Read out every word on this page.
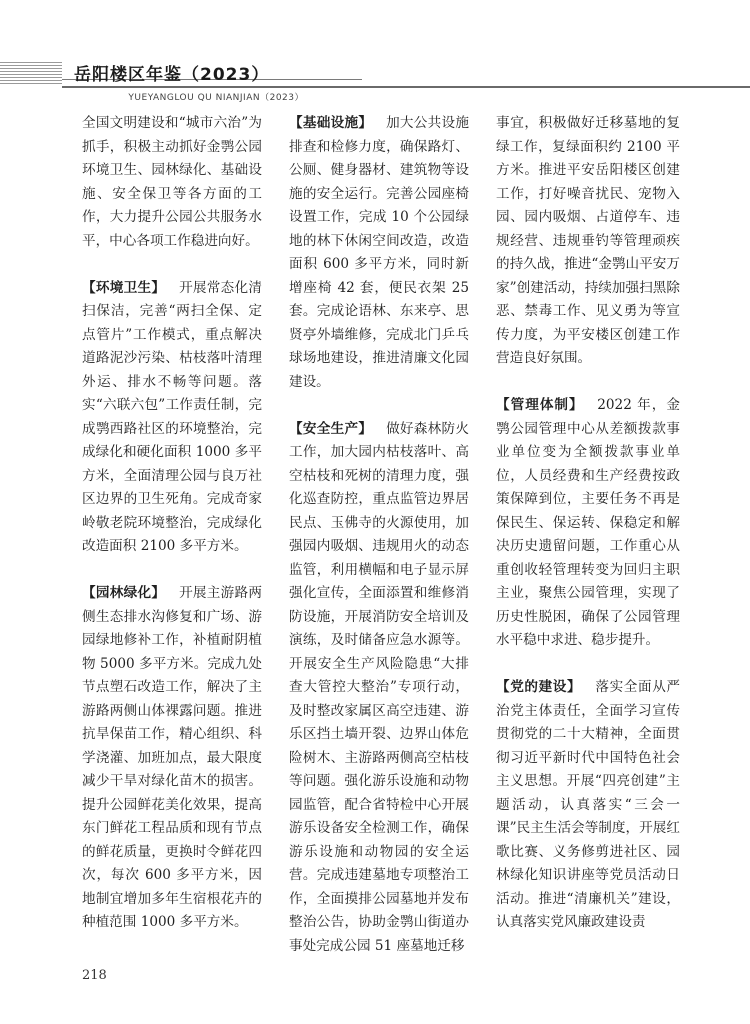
岳阳楼区年鉴（2023）
YUEYANGLOU QU NIANJIAN（2023）

全国文明建设和“城市六治”为抓手，积极主动抓好金鹗公园环境卫生、园林绿化、基础设施、安全保卫等各方面的工作，大力提升公园公共服务水平，中心各项工作稳进向好。

【环境卫生】  开展常态化清扫保洁，完善“两扫全保、定点管片”工作模式，重点解决道路泥沙污染、枯枝落叶清理外运、排水不畅等问题。落实“六联六包”工作责任制，完成鹗西路社区的环境整治，完成绿化和硬化面积 1000 多平方米，全面清理公园与良万社区边界的卫生死角。完成奇家岭敬老院环境整治，完成绿化改造面积 2100 多平方米。

【园林绿化】  开展主游路两侧生态排水沟修复和广场、游园绿地修补工作，补植耐阴植物 5000 多平方米。完成九处节点塑石改造工作，解决了主游路两侧山体裸露问题。推进抗旱保苗工作，精心组织、科学浇灌、加班加点，最大限度减少干旱对绿化苗木的损害。提升公园鲜花美化效果，提高东门鲜花工程品质和现有节点的鲜花质量，更换时令鲜花四次，每次 600 多平方米，因地制宜增加多年生宿根花卉的种植范围 1000 多平方米。

【基础设施】  加大公共设施排查和检修力度，确保路灯、公厕、健身器材、建筑物等设施的安全运行。完善公园座椅设置工作，完成 10 个公园绿地的林下休闲空间改造，改造面积 600 多平方米，同时新增座椅 42 套，便民衣架 25 套。完成论语林、东来亭、思贤亭外墙维修，完成北门乒乓球场地建设，推进清廉文化园建设。

【安全生产】  做好森林防火工作，加大园内枯枝落叶、高空枯枝和死树的清理力度，强化巡查防控，重点监管边界居民点、玉佛寺的火源使用，加强园内吸烟、违规用火的动态监管，利用横幅和电子显示屏强化宣传，全面添置和维修消防设施，开展消防安全培训及演练，及时储备应急水源等。开展安全生产风险隐患“大排查大管控大整治”专项行动，及时整改家属区高空违建、游乐区挡土墙开裂、边界山体危险树木、主游路两侧高空枯枝等问题。强化游乐设施和动物园监管，配合省特检中心开展游乐设备安全检测工作，确保游乐设施和动物园的安全运营。完成违建墓地专项整治工作，全面摸排公园墓地并发布整治公告，协助金鹗山街道办事处完成公园 51 座墓地迁移

事宜，积极做好迁移墓地的复绿工作，复绿面积约 2100 平方米。推进平安岳阳楼区创建工作，打好噪音扰民、宠物入园、园内吸烟、占道停车、违规经营、违规垂钓等管理顽疾的持久战，推进“金鹗山平安万家”创建活动，持续加强扫黑除恶、禁毒工作、见义勇为等宣传力度，为平安楼区创建工作营造良好氛围。

【管理体制】  2022 年，金鹗公园管理中心从差额拨款事业单位变为全额拨款事业单位，人员经费和生产经费按政策保障到位，主要任务不再是保民生、保运转、保稳定和解决历史遗留问题，工作重心从重创收轻管理转变为回归主职主业，聚焦公园管理，实现了历史性脱困，确保了公园管理水平稳中求进、稳步提升。

【党的建设】  落实全面从严治党主体责任，全面学习宣传贯彻党的二十大精神，全面贯彻习近平新时代中国特色社会主义思想。开展“四亮创建”主题活动，认真落实“三会一课”民主生活会等制度，开展红歌比赛、义务修剪进社区、园林绿化知识讲座等党员活动日活动。推进“清廉机关”建设，认真落实党风廉政建设责

218
